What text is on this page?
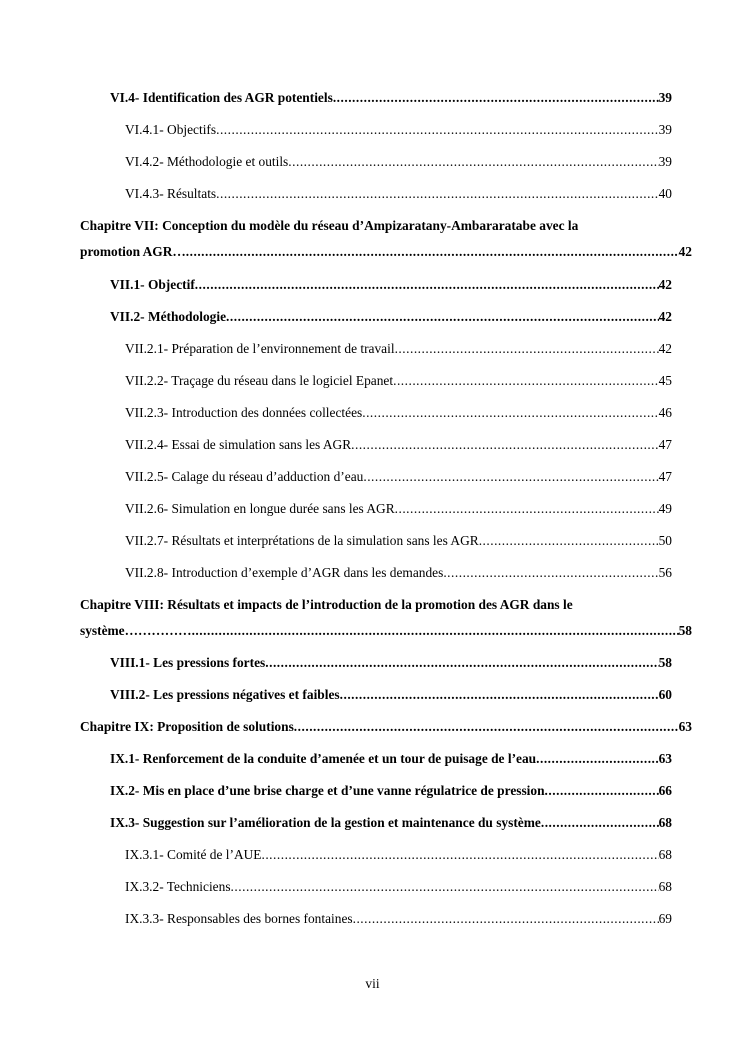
VI.4- Identification des AGR potentiels .....	39
VI.4.1- Objectifs .....	39
VI.4.2- Méthodologie et outils .....	39
VI.4.3- Résultats .....	40
Chapitre VII: Conception du modèle du réseau d’Ampizaratany-Ambararatabe avec la
promotion AGR… .....	42
VII.1- Objectif .....	42
VII.2- Méthodologie .....	42
VII.2.1- Préparation de l’environnement de travail .....	42
VII.2.2- Traçage du réseau dans le logiciel Epanet .....	45
VII.2.3- Introduction des données collectées .....	46
VII.2.4- Essai de simulation sans les AGR .....	47
VII.2.5- Calage du réseau d’adduction d’eau .....	47
VII.2.6- Simulation en longue durée sans les AGR .....	49
VII.2.7- Résultats et interprétations de la simulation sans les AGR .....	50
VII.2.8- Introduction d’exemple d’AGR dans les demandes .....	56
Chapitre VIII: Résultats et impacts de l’introduction de la promotion des AGR dans le
système…………… .....	58
VIII.1- Les pressions fortes .....	58
VIII.2- Les pressions négatives et faibles .....	60
Chapitre IX: Proposition de solutions .....	63
IX.1- Renforcement de la conduite d’amenée et un tour de puisage de l’eau .....	63
IX.2- Mis en place d’une brise charge et d’une vanne régulatrice de pression .....	66
IX.3- Suggestion sur l’amélioration de la gestion et maintenance du système .....	68
IX.3.1- Comité de l’AUE .....	68
IX.3.2- Techniciens .....	68
IX.3.3- Responsables des bornes fontaines .....	69
vii
